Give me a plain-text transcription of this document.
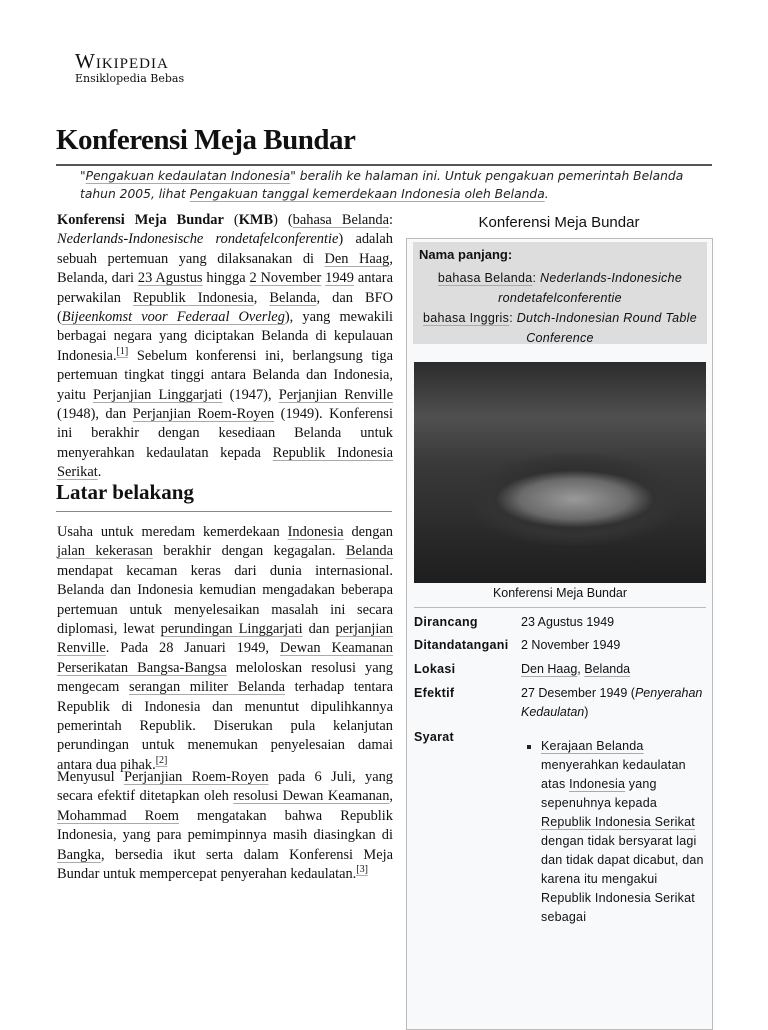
Wikipedia
Ensiklopedia Bebas
Konferensi Meja Bundar
"Pengakuan kedaulatan Indonesia" beralih ke halaman ini. Untuk pengakuan pemerintah Belanda tahun 2005, lihat Pengakuan tanggal kemerdekaan Indonesia oleh Belanda.

Konferensi Meja Bundar (KMB) (bahasa Belanda: Nederlands-Indonesische rondetafelconferentie) adalah sebuah pertemuan yang dilaksanakan di Den Haag, Belanda, dari 23 Agustus hingga 2 November 1949 antara perwakilan Republik Indonesia, Belanda, dan BFO (Bijeenkomst voor Federaal Overleg), yang mewakili berbagai negara yang diciptakan Belanda di kepulauan Indonesia.[1] Sebelum konferensi ini, berlangsung tiga pertemuan tingkat tinggi antara Belanda dan Indonesia, yaitu Perjanjian Linggarjati (1947), Perjanjian Renville (1948), dan Perjanjian Roem-Royen (1949). Konferensi ini berakhir dengan kesediaan Belanda untuk menyerahkan kedaulatan kepada Republik Indonesia Serikat.

Latar belakang

Usaha untuk meredam kemerdekaan Indonesia dengan jalan kekerasan berakhir dengan kegagalan. Belanda mendapat kecaman keras dari dunia internasional. Belanda dan Indonesia kemudian mengadakan beberapa pertemuan untuk menyelesaikan masalah ini secara diplomasi, lewat perundingan Linggarjati dan perjanjian Renville. Pada 28 Januari 1949, Dewan Keamanan Perserikatan Bangsa-Bangsa meloloskan resolusi yang mengecam serangan militer Belanda terhadap tentara Republik di Indonesia dan menuntut dipulihkannya pemerintah Republik. Diserukan pula kelanjutan perundingan untuk menemukan penyelesaian damai antara dua pihak.[2]

Menyusul Perjanjian Roem-Royen pada 6 Juli, yang secara efektif ditetapkan oleh resolusi Dewan Keamanan, Mohammad Roem mengatakan bahwa Republik Indonesia, yang para pemimpinnya masih diasingkan di Bangka, bersedia ikut serta dalam Konferensi Meja Bundar untuk mempercepat penyerahan kedaulatan.[3]

Konferensi Meja Bundar
Nama panjang:
bahasa Belanda: Nederlands-Indonesiche rondetafelconferentie
bahasa Inggris: Dutch-Indonesian Round Table Conference
Konferensi Meja Bundar
Dirancang	23 Agustus 1949
Ditandatangani	2 November 1949
Lokasi	Den Haag, Belanda
Efektif	27 Desember 1949 (Penyerahan Kedaulatan)
Syarat
Kerajaan Belanda menyerahkan kedaulatan atas Indonesia yang sepenuhnya kepada Republik Indonesia Serikat dengan tidak bersyarat lagi dan tidak dapat dicabut, dan karena itu mengakui Republik Indonesia Serikat sebagai
